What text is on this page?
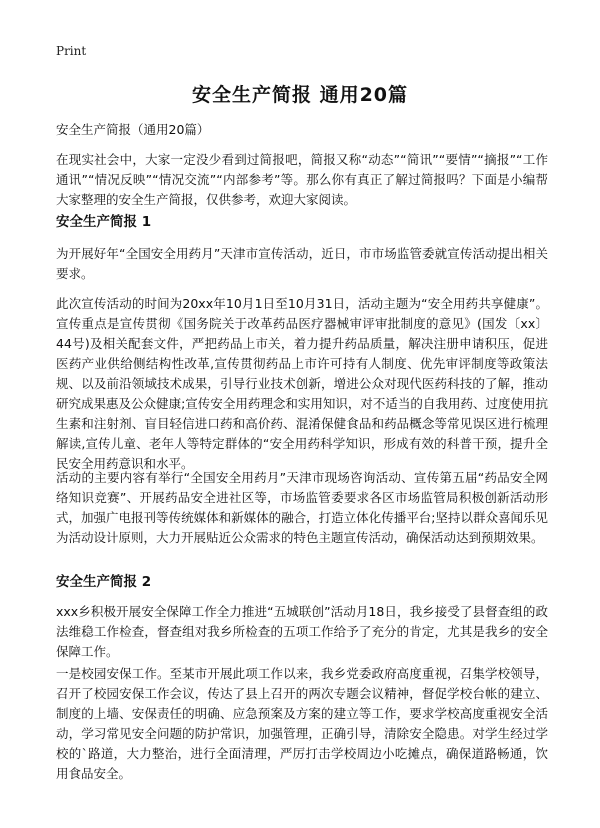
Print
安全生产简报 通用20篇
安全生产简报（通用20篇）

在现实社会中，大家一定没少看到过简报吧，简报又称“动态”“简讯”“要情”“摘报”“工作通讯”“情况反映”“情况交流”“内部参考”等。那么你有真正了解过简报吗？下面是小编帮大家整理的安全生产简报，仅供参考，欢迎大家阅读。

安全生产简报 1

为开展好年“全国安全用药月”天津市宣传活动，近日，市市场监管委就宣传活动提出相关要求。

此次宣传活动的时间为20xx年10月1日至10月31日，活动主题为“安全用药共享健康”。宣传重点是宣传贯彻《国务院关于改革药品医疗器械审评审批制度的意见》(国发〔xx〕44号)及相关配套文件，严把药品上市关，着力提升药品质量，解决注册申请积压，促进医药产业供给侧结构性改革,宣传贯彻药品上市许可持有人制度、优先审评制度等政策法规、以及前沿领域技术成果，引导行业技术创新，增进公众对现代医药科技的了解，推动研究成果惠及公众健康;宣传安全用药理念和实用知识，对不适当的自我用药、过度使用抗生素和注射剂、盲目轻信进口药和高价药、混淆保健食品和药品概念等常见误区进行梳理解读,宣传儿童、老年人等特定群体的“安全用药科学知识，形成有效的科普干预，提升全民安全用药意识和水平。

活动的主要内容有举行“全国安全用药月”天津市现场咨询活动、宣传第五届“药品安全网络知识竞赛”、开展药品安全进社区等，市场监管委要求各区市场监管局积极创新活动形式，加强广电报刊等传统媒体和新媒体的融合，打造立体化传播平台;坚持以群众喜闻乐见为活动设计原则，大力开展贴近公众需求的特色主题宣传活动，确保活动达到预期效果。

安全生产简报 2

xxx乡积极开展安全保障工作全力推进“五城联创”活动月18日，我乡接受了县督查组的政法维稳工作检查，督查组对我乡所检查的五项工作给予了充分的肯定，尤其是我乡的安全保障工作。

一是校园安保工作。至某市开展此项工作以来，我乡党委政府高度重视，召集学校领导，召开了校园安保工作会议，传达了县上召开的两次专题会议精神，督促学校台帐的建立、制度的上墙、安保责任的明确、应急预案及方案的建立等工作，要求学校高度重视安全活动，学习常见安全问题的防护常识，加强管理，正确引导，清除安全隐患。对学生经过学校的`路道，大力整治，进行全面清理，严厉打击学校周边小吃摊点，确保道路畅通，饮用食品安全。
